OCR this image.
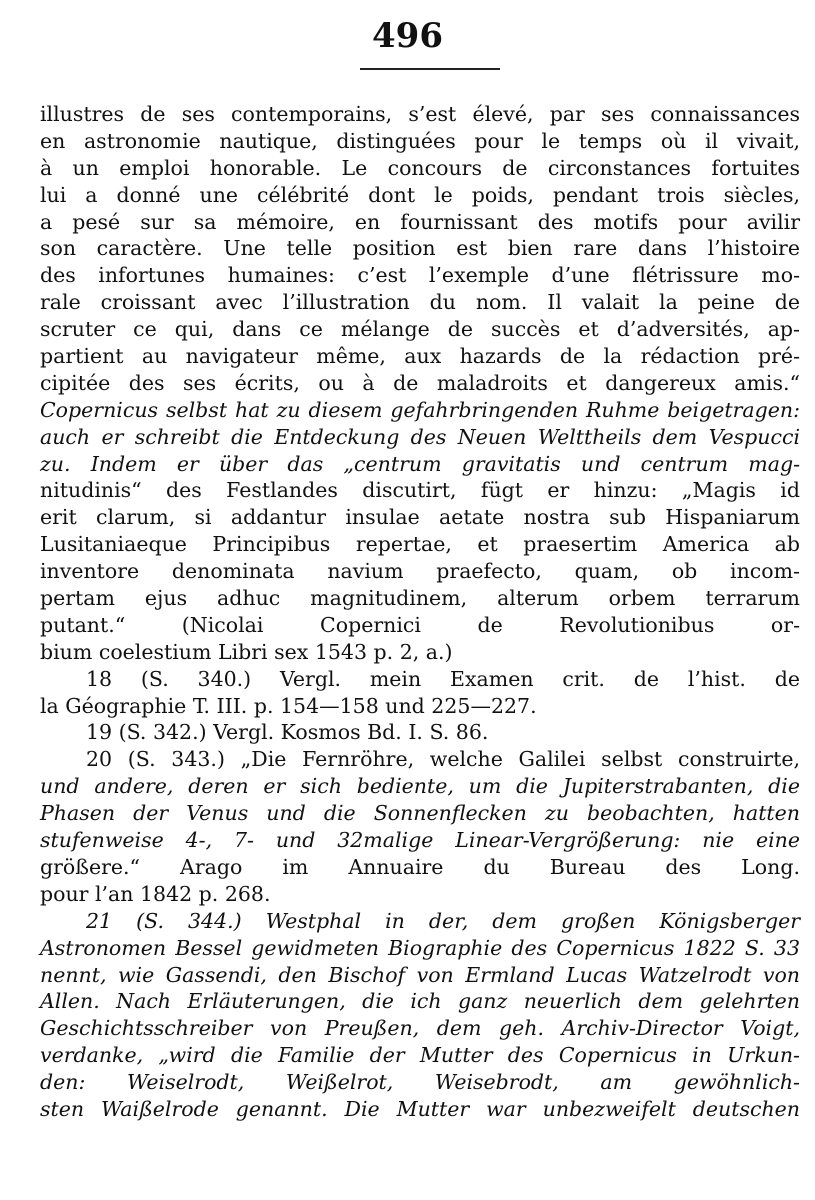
496
illustres de ses contemporains, s’est élevé, par ses connaissances
en astronomie nautique, distinguées pour le temps où il vivait,
à un emploi honorable. Le concours de circonstances fortuites
lui a donné une célébrité dont le poids, pendant trois siècles,
a pesé sur sa mémoire, en fournissant des motifs pour avilir
son caractère. Une telle position est bien rare dans l’histoire
des infortunes humaines: c’est l’exemple d’une flétrissure mo-
rale croissant avec l’illustration du nom. Il valait la peine de
scruter ce qui, dans ce mélange de succès et d’adversités, ap-
partient au navigateur même, aux hazards de la rédaction pré-
cipitée des ses écrits, ou à de maladroits et dangereux amis.“
Copernicus selbst hat zu diesem gefahrbringenden Ruhme beigetragen:
auch er schreibt die Entdeckung des Neuen Welttheils dem Vespucci
zu. Indem er über das „centrum gravitatis und centrum mag-
nitudinis“ des Festlandes discutirt, fügt er hinzu: „Magis id
erit clarum, si addantur insulae aetate nostra sub Hispaniarum
Lusitaniaeque Principibus repertae, et praesertim America ab
inventore denominata navium praefecto, quam, ob incom-
pertam ejus adhuc magnitudinem, alterum orbem terrarum
putant.“ (Nicolai Copernici de Revolutionibus or-
bium coelestium Libri sex 1543 p. 2, a.)
18 (S. 340.) Vergl. mein Examen crit. de l’hist. de
la Géographie T. III. p. 154—158 und 225—227.
19 (S. 342.) Vergl. Kosmos Bd. I. S. 86.
20 (S. 343.) „Die Fernröhre, welche Galilei selbst construirte,
und andere, deren er sich bediente, um die Jupiterstrabanten, die
Phasen der Venus und die Sonnenflecken zu beobachten, hatten
stufenweise 4-, 7- und 32malige Linear-Vergrößerung: nie eine
größere.“ Arago im Annuaire du Bureau des Long.
pour l’an 1842 p. 268.
21 (S. 344.) Westphal in der, dem großen Königsberger
Astronomen Bessel gewidmeten Biographie des Copernicus 1822 S. 33
nennt, wie Gassendi, den Bischof von Ermland Lucas Watzelrodt von
Allen. Nach Erläuterungen, die ich ganz neuerlich dem gelehrten
Geschichtsschreiber von Preußen, dem geh. Archiv-Director Voigt,
verdanke, „wird die Familie der Mutter des Copernicus in Urkun-
den: Weiselrodt, Weißelrot, Weisebrodt, am gewöhnlich-
sten Waißelrode genannt. Die Mutter war unbezweifelt deutschen
